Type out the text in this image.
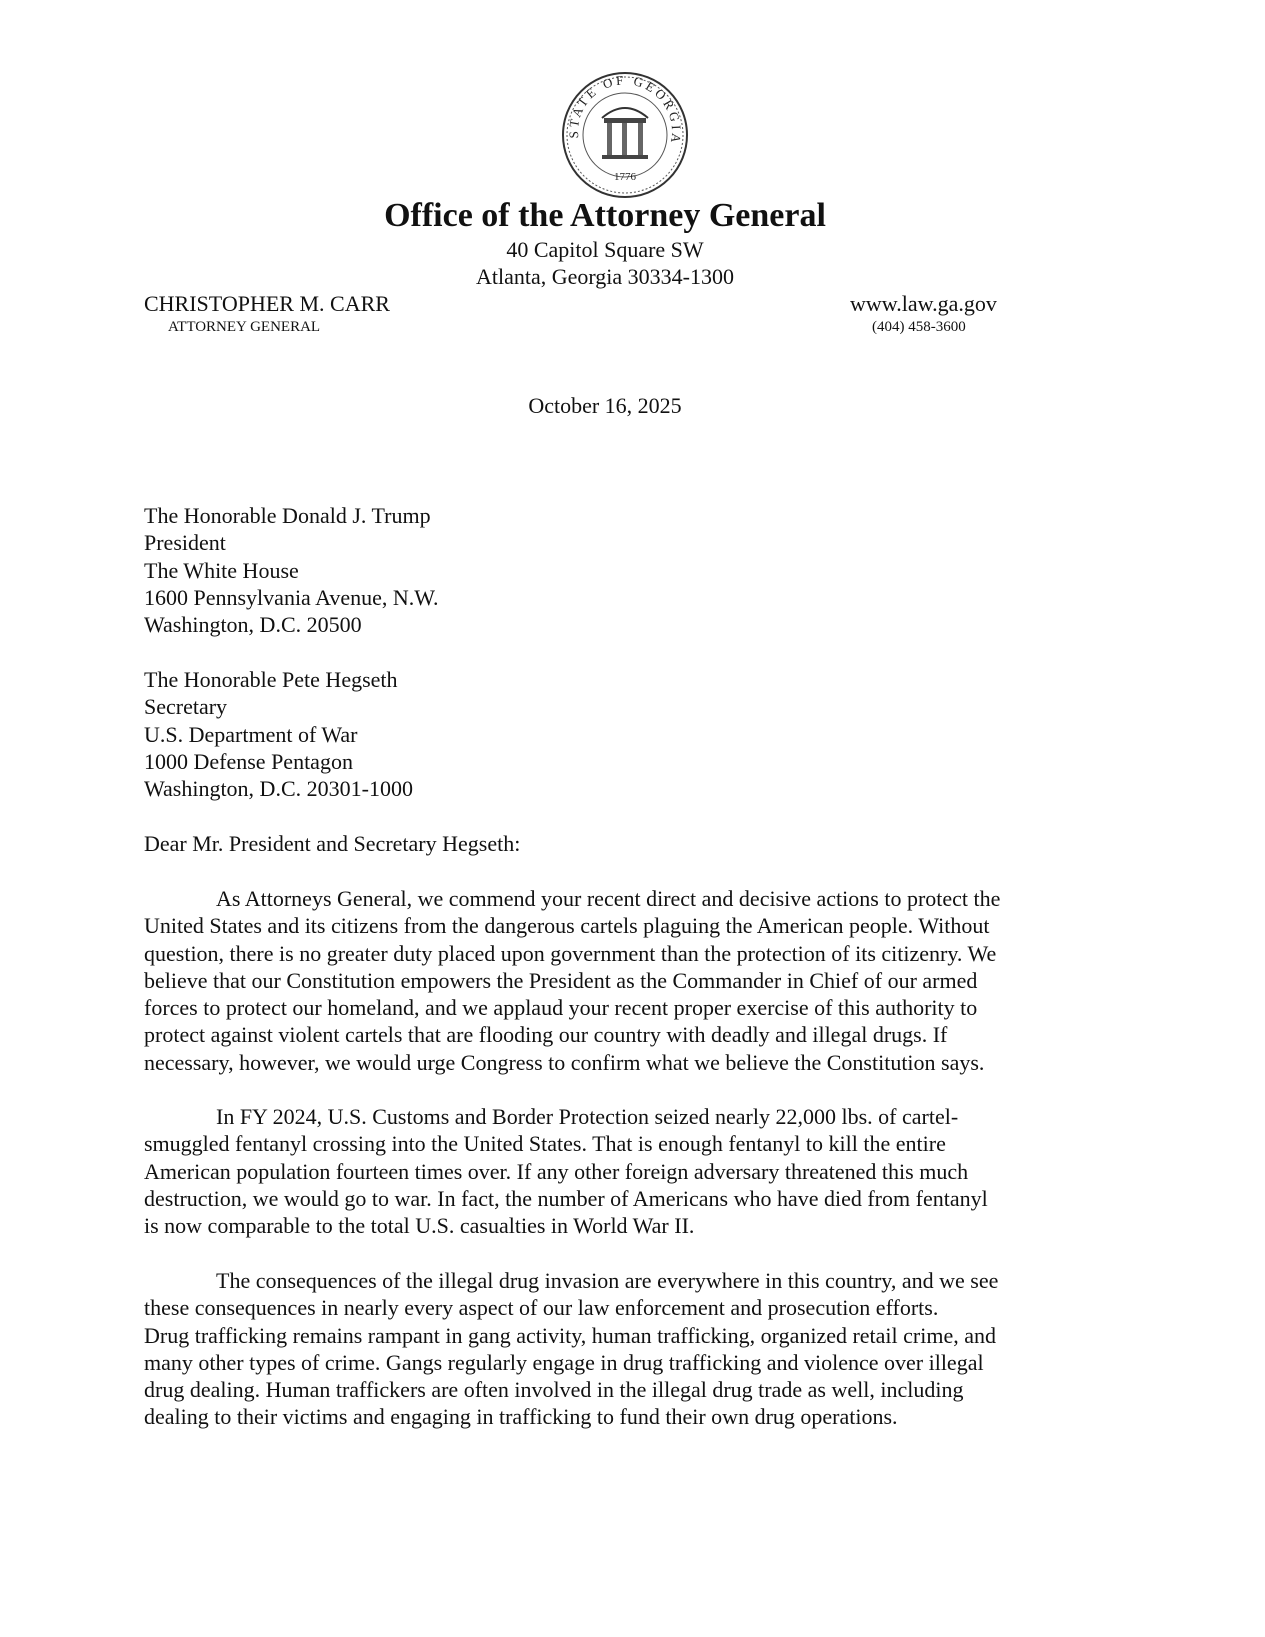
STATE OF GEORGIA
1776
Office of the Attorney General
40 Capitol Square SW
Atlanta, Georgia 30334-1300
CHRISTOPHER M. CARR
ATTORNEY GENERAL
www.law.ga.gov
(404) 458-3600
October 16, 2025
The Honorable Donald J. Trump
President
The White House
1600 Pennsylvania Avenue, N.W.
Washington, D.C. 20500
The Honorable Pete Hegseth
Secretary
U.S. Department of War
1000 Defense Pentagon
Washington, D.C. 20301-1000
Dear Mr. President and Secretary Hegseth:
As Attorneys General, we commend your recent direct and decisive actions to protect the
United States and its citizens from the dangerous cartels plaguing the American people. Without
question, there is no greater duty placed upon government than the protection of its citizenry. We
believe that our Constitution empowers the President as the Commander in Chief of our armed
forces to protect our homeland, and we applaud your recent proper exercise of this authority to
protect against violent cartels that are flooding our country with deadly and illegal drugs. If
necessary, however, we would urge Congress to confirm what we believe the Constitution says.
In FY 2024, U.S. Customs and Border Protection seized nearly 22,000 lbs. of cartel-
smuggled fentanyl crossing into the United States. That is enough fentanyl to kill the entire
American population fourteen times over. If any other foreign adversary threatened this much
destruction, we would go to war. In fact, the number of Americans who have died from fentanyl
is now comparable to the total U.S. casualties in World War II.
The consequences of the illegal drug invasion are everywhere in this country, and we see
these consequences in nearly every aspect of our law enforcement and prosecution efforts.
Drug trafficking remains rampant in gang activity, human trafficking, organized retail crime, and
many other types of crime. Gangs regularly engage in drug trafficking and violence over illegal
drug dealing. Human traffickers are often involved in the illegal drug trade as well, including
dealing to their victims and engaging in trafficking to fund their own drug operations.
